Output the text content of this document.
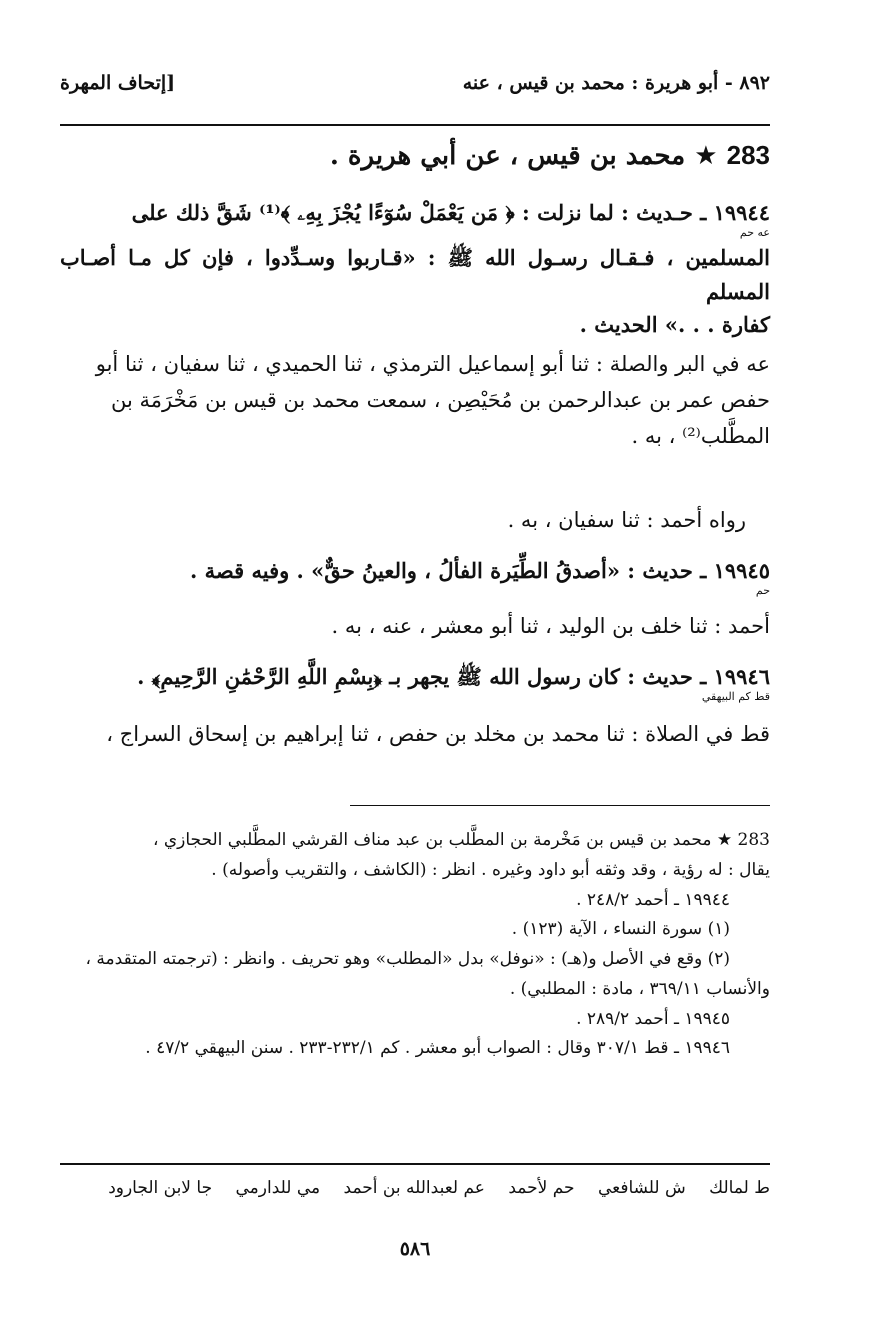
٨٩٢ - أبو هريرة : محمد بن قيس ، عنه
[إتحاف المهرة
283 ★ محمد بن قيس ، عن أبي هريرة .
١٩٩٤٤ ـ حـديث : لما نزلت : ﴿ مَن يَعْمَلْ سُوٓءًا يُجْزَ بِهِۦ ﴾⁽¹⁾ شَقَّ ذلك على
عه حم
المسلمين ، فـقـال رسـول الله ﷺ : «قـاربوا وسـدِّدوا ، فإن كل مـا أصـاب المسلم
كفارة . . .» الحديث .
عه في البر والصلة : ثنا أبو إسماعيل الترمذي ، ثنا الحميدي ، ثنا سفيان ، ثنا أبو
حفص عمر بن عبدالرحمن بن مُحَيْصِن ، سمعت محمد بن قيس بن مَخْرَمَة بن
المطَّلب⁽²⁾ ، به .
رواه أحمد : ثنا سفيان ، به .
١٩٩٤٥ ـ حديث : «أصدقُ الطِّيَرة الفألُ ، والعينُ حقٌّ» . وفيه قصة .
حم
أحمد : ثنا خلف بن الوليد ، ثنا أبو معشر ، عنه ، به .
١٩٩٤٦ ـ حديث : كان رسول الله ﷺ يجهر بـ ﴿بِسْمِ اللَّهِ الرَّحْمَٰنِ الرَّحِيمِ﴾ .
قط كم البيهقي
قط في الصلاة : ثنا محمد بن مخلد بن حفص ، ثنا إبراهيم بن إسحاق السراج ،
283 ★ محمد بن قيس بن مَخْرمة بن المطَّلب بن عبد مناف القرشي المطَّلبي الحجازي ،
يقال : له رؤية ، وقد وثقه أبو داود وغيره . انظر : (الكاشف ، والتقريب وأصوله) .
١٩٩٤٤ ـ أحمد ٢٤٨/٢ .
(١) سورة النساء ، الآية (١٢٣) .
(٢) وقع في الأصل و(هـ) : «نوفل» بدل «المطلب» وهو تحريف . وانظر : (ترجمته المتقدمة ،
والأنساب ٣٦٩/١١ ، مادة : المطلبي) .
١٩٩٤٥ ـ أحمد ٢٨٩/٢ .
١٩٩٤٦ ـ قط ٣٠٧/١ وقال : الصواب أبو معشر . كم ٢٣٢/١-٢٣٣ . سنن البيهقي ٤٧/٢ .
ط لمالك ش للشافعي حم لأحمد عم لعبدالله بن أحمد مي للدارمي جا لابن الجارود
٥٨٦
